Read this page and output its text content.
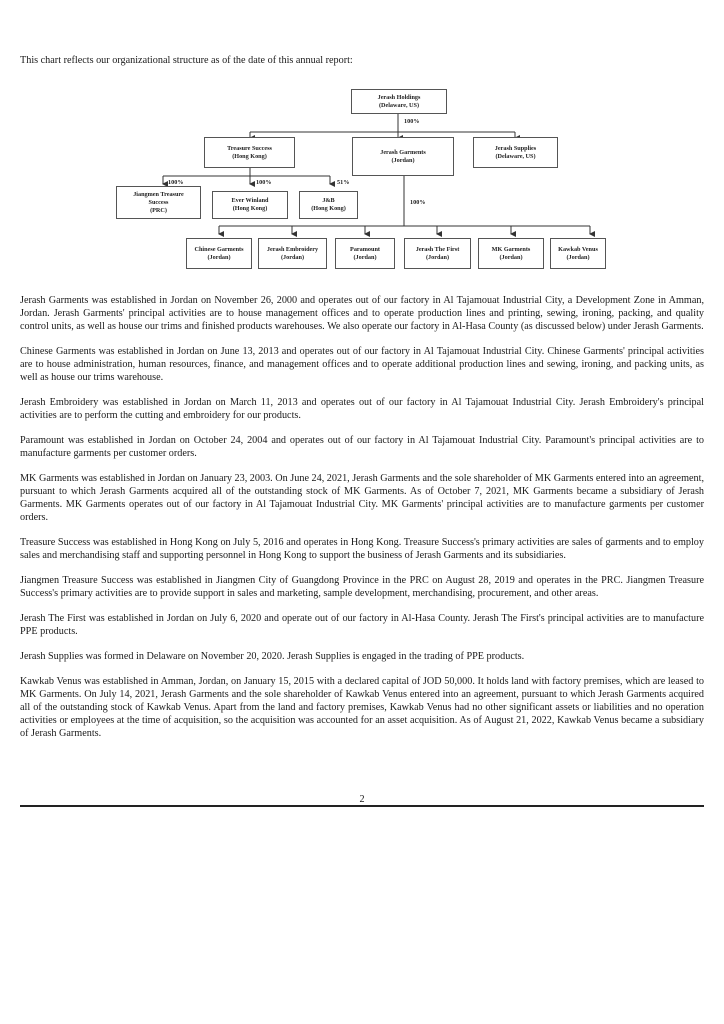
This chart reflects our organizational structure as of the date of this annual report:

Jerash Holdings
(Delaware, US)
Treasure Success
(Hong Kong)
Jerash Garments
(Jordan)
Jerash Supplies
(Delaware, US)
Jiangmen Treasure
Success
(PRC)
Ever Winland
(Hong Kong)
J&B
(Hong Kong)
Chinese Garments
(Jordan)
Jerash Embroidery
(Jordan)
Paramount
(Jordan)
Jerash The First
(Jordan)
MK Garments
(Jordan)
Kawkab Venus
(Jordan)
100%
100%	100%	51%
100%

Jerash Garments was established in Jordan on November 26, 2000 and operates out of our factory in Al Tajamouat Industrial City, a Development Zone in Amman, Jordan. Jerash Garments' principal activities are to house management offices and to operate production lines and printing, sewing, ironing, packing, and quality control units, as well as house our trims and finished products warehouses. We also operate our factory in Al-Hasa County (as discussed below) under Jerash Garments.

Chinese Garments was established in Jordan on June 13, 2013 and operates out of our factory in Al Tajamouat Industrial City. Chinese Garments' principal activities are to house administration, human resources, finance, and management offices and to operate additional production lines and sewing, ironing, and packing units, as well as house our trims warehouse.

Jerash Embroidery was established in Jordan on March 11, 2013 and operates out of our factory in Al Tajamouat Industrial City. Jerash Embroidery's principal activities are to perform the cutting and embroidery for our products.

Paramount was established in Jordan on October 24, 2004 and operates out of our factory in Al Tajamouat Industrial City. Paramount's principal activities are to manufacture garments per customer orders.

MK Garments was established in Jordan on January 23, 2003. On June 24, 2021, Jerash Garments and the sole shareholder of MK Garments entered into an agreement, pursuant to which Jerash Garments acquired all of the outstanding stock of MK Garments. As of October 7, 2021, MK Garments became a subsidiary of Jerash Garments. MK Garments operates out of our factory in Al Tajamouat Industrial City. MK Garments' principal activities are to manufacture garments per customer orders.

Treasure Success was established in Hong Kong on July 5, 2016 and operates in Hong Kong. Treasure Success's primary activities are sales of garments and to employ sales and merchandising staff and supporting personnel in Hong Kong to support the business of Jerash Garments and its subsidiaries.

Jiangmen Treasure Success was established in Jiangmen City of Guangdong Province in the PRC on August 28, 2019 and operates in the PRC. Jiangmen Treasure Success's primary activities are to provide support in sales and marketing, sample development, merchandising, procurement, and other areas.

Jerash The First was established in Jordan on July 6, 2020 and operate out of our factory in Al-Hasa County. Jerash The First's principal activities are to manufacture PPE products.

Jerash Supplies was formed in Delaware on November 20, 2020. Jerash Supplies is engaged in the trading of PPE products.

Kawkab Venus was established in Amman, Jordan, on January 15, 2015 with a declared capital of JOD 50,000. It holds land with factory premises, which are leased to MK Garments. On July 14, 2021, Jerash Garments and the sole shareholder of Kawkab Venus entered into an agreement, pursuant to which Jerash Garments acquired all of the outstanding stock of Kawkab Venus. Apart from the land and factory premises, Kawkab Venus had no other significant assets or liabilities and no operation activities or employees at the time of acquisition, so the acquisition was accounted for an asset acquisition. As of August 21, 2022, Kawkab Venus became a subsidiary of Jerash Garments.

2
